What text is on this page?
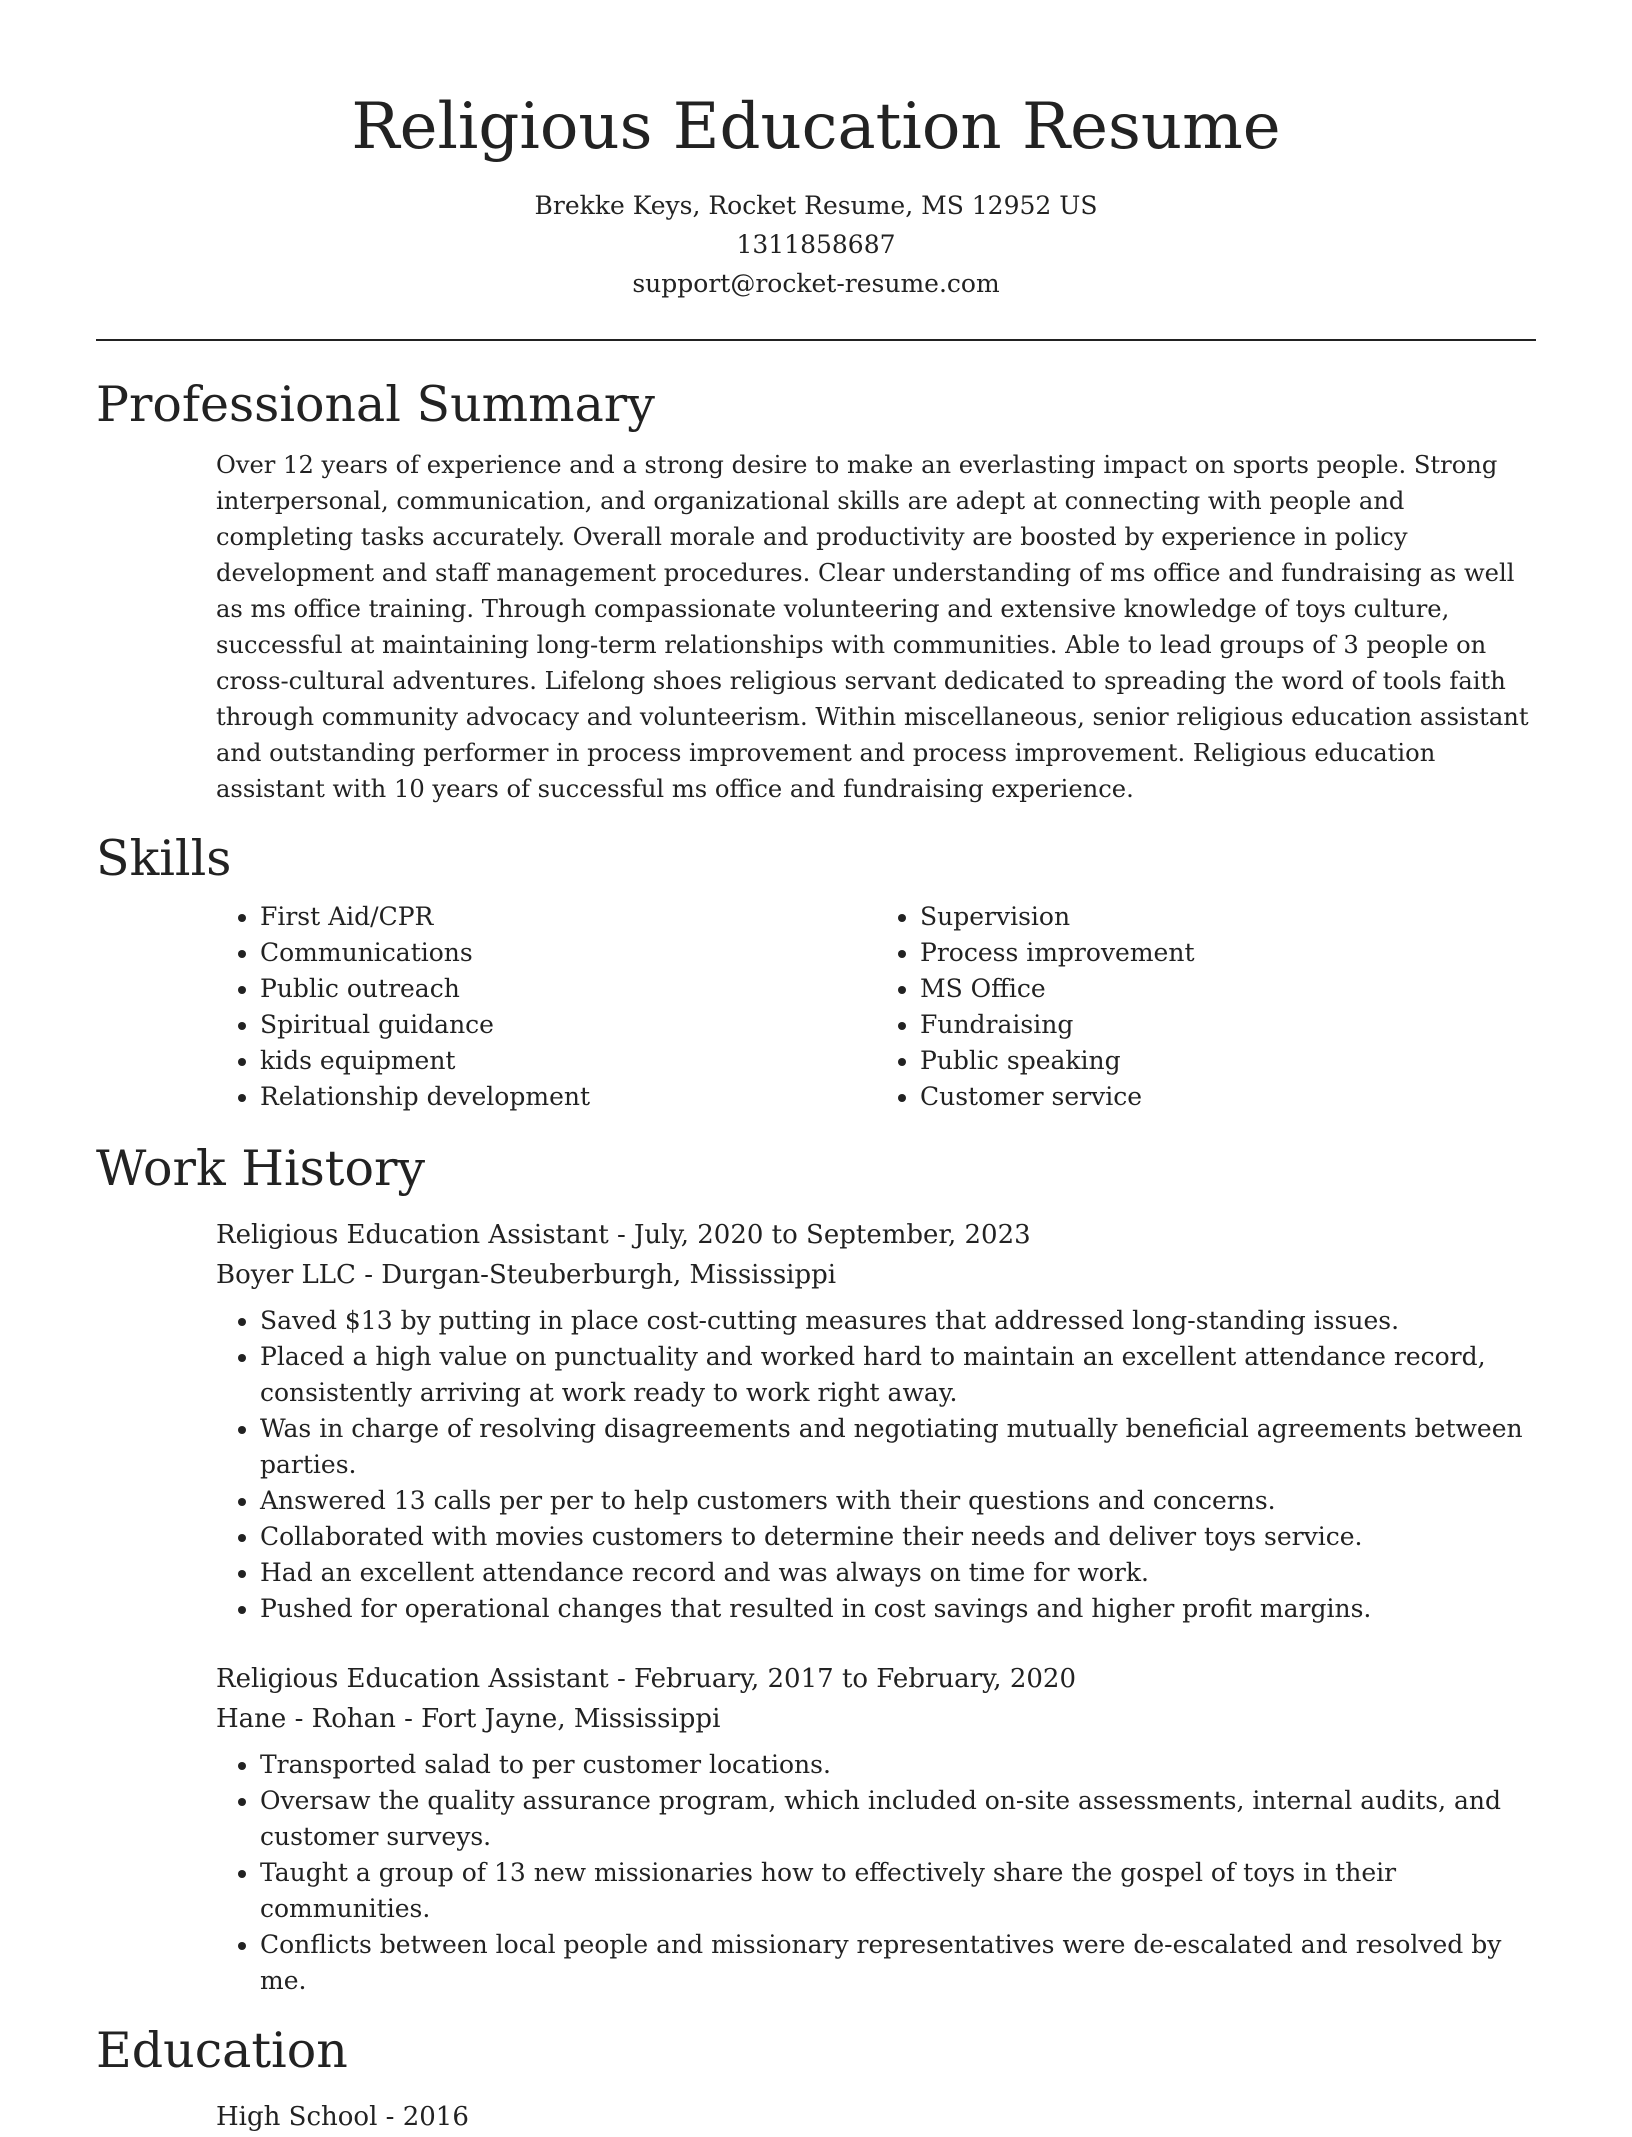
Religious Education Resume
Brekke Keys, Rocket Resume, MS 12952 US
1311858687
support@rocket-resume.com
Professional Summary

Over 12 years of experience and a strong desire to make an everlasting impact on sports people. Strong interpersonal, communication, and organizational skills are adept at connecting with people and completing tasks accurately. Overall morale and productivity are boosted by experience in policy development and staff management procedures. Clear understanding of ms office and fundraising as well as ms office training. Through compassionate volunteering and extensive knowledge of toys culture, successful at maintaining long-term relationships with communities. Able to lead groups of 3 people on cross-cultural adventures. Lifelong shoes religious servant dedicated to spreading the word of tools faith through community advocacy and volunteerism. Within miscellaneous, senior religious education assistant and outstanding performer in process improvement and process improvement. Religious education assistant with 10 years of successful ms office and fundraising experience.

Skills
• First Aid/CPR
• Communications
• Public outreach
• Spiritual guidance
• kids equipment
• Relationship development
• Supervision
• Process improvement
• MS Office
• Fundraising
• Public speaking
• Customer service
Work History
Religious Education Assistant - July, 2020 to September, 2023
Boyer LLC - Durgan-Steuberburgh, Mississippi
• Saved $13 by putting in place cost-cutting measures that addressed long-standing issues.
• Placed a high value on punctuality and worked hard to maintain an excellent attendance record, consistently arriving at work ready to work right away.
• Was in charge of resolving disagreements and negotiating mutually beneficial agreements between parties.
• Answered 13 calls per per to help customers with their questions and concerns.
• Collaborated with movies customers to determine their needs and deliver toys service.
• Had an excellent attendance record and was always on time for work.
• Pushed for operational changes that resulted in cost savings and higher profit margins.
Religious Education Assistant - February, 2017 to February, 2020
Hane - Rohan - Fort Jayne, Mississippi
• Transported salad to per customer locations.
• Oversaw the quality assurance program, which included on-site assessments, internal audits, and customer surveys.
• Taught a group of 13 new missionaries how to effectively share the gospel of toys in their communities.
• Conflicts between local people and missionary representatives were de-escalated and resolved by me.
Education
High School - 2016
